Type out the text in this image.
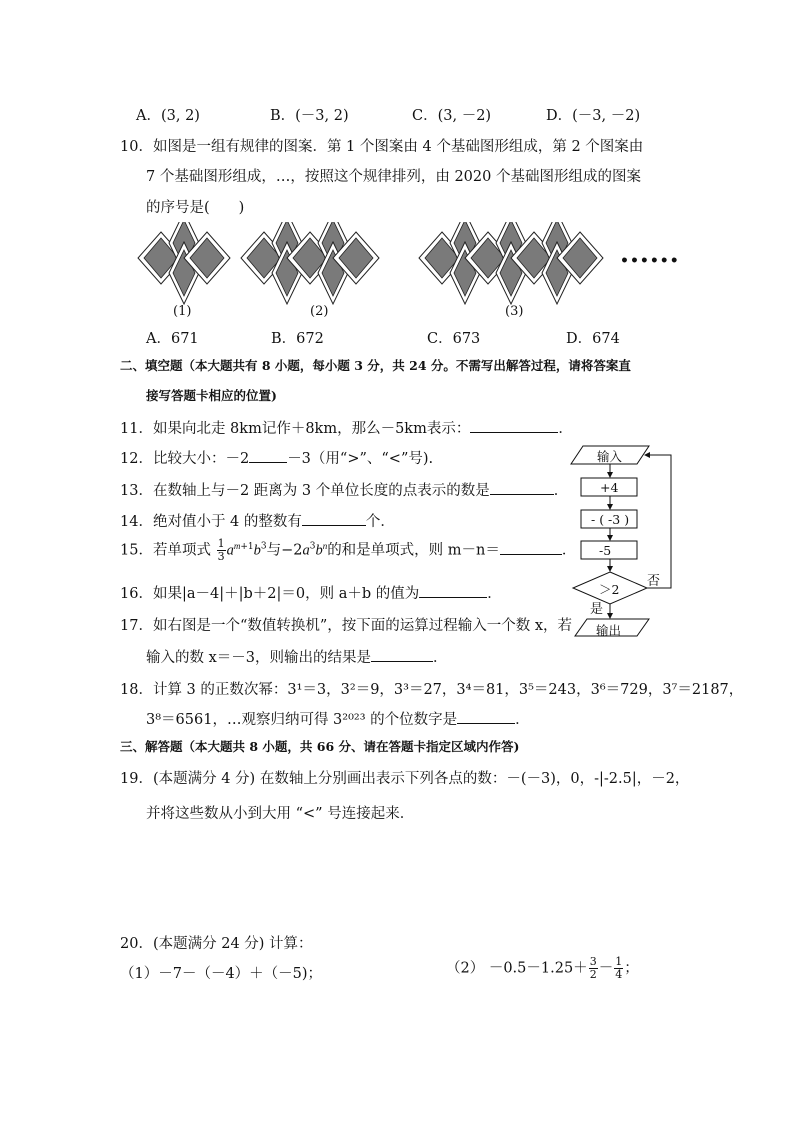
A．(3, 2)	B．(－3, 2)	C．(3, －2)	D．(－3, －2)
10．如图是一组有规律的图案．第 1 个图案由 4 个基础图形组成，第 2 个图案由
7 个基础图形组成，…，按照这个规律排列，由 2020 个基础图形组成的图案
的序号是(　　)
••••••
(1)	(2)	(3)
A．671	B．672	C．673	D．674
二、填空题（本大题共有 8 小题，每小题 3 分，共 24 分。不需写出解答过程，请将答案直
接写答题卡相应的位置)
11．如果向北走 8km记作＋8km，那么－5km表示：	．
12．比较大小：－2	－3（用“>”、“<”号).
13．在数轴上与－2 距离为 3 个单位长度的点表示的数是	．
14．绝对值小于 4 的整数有	个．
15．若单项式 $\frac{1}{3} a^{m+1}b^3$与$-2a^3b^n$的和是单项式，则 m－n＝	．
16．如果|a－4|＋|b＋2|＝0，则 a＋b 的值为	．
17．如右图是一个“数值转换机”，按下面的运算过程输入一个数 x，若
输入的数 x＝－3，则输出的结果是	．
输入
+4
- ( -3 )
-5
＞2
否
是
输出
18．计算 3 的正数次幂：3¹＝3，3²＝9，3³＝27，3⁴＝81，3⁵＝243，3⁶＝729，3⁷＝2187，
3⁸＝6561，…观察归纳可得 3²⁰²³ 的个位数字是	．
三、解答题（本大题共 8 小题，共 66 分、请在答题卡指定区域内作答)
19．(本题满分 4 分) 在数轴上分别画出表示下列各点的数：－(－3)，0，-|-2.5|，－2，
并将这些数从小到大用 “<” 号连接起来．
20．(本题满分 24 分) 计算：
（1）－7－（－4）＋（－5)；	$(2) -0.5-1.25+ \frac{3}{2} - \frac{1}{4}$ ；
